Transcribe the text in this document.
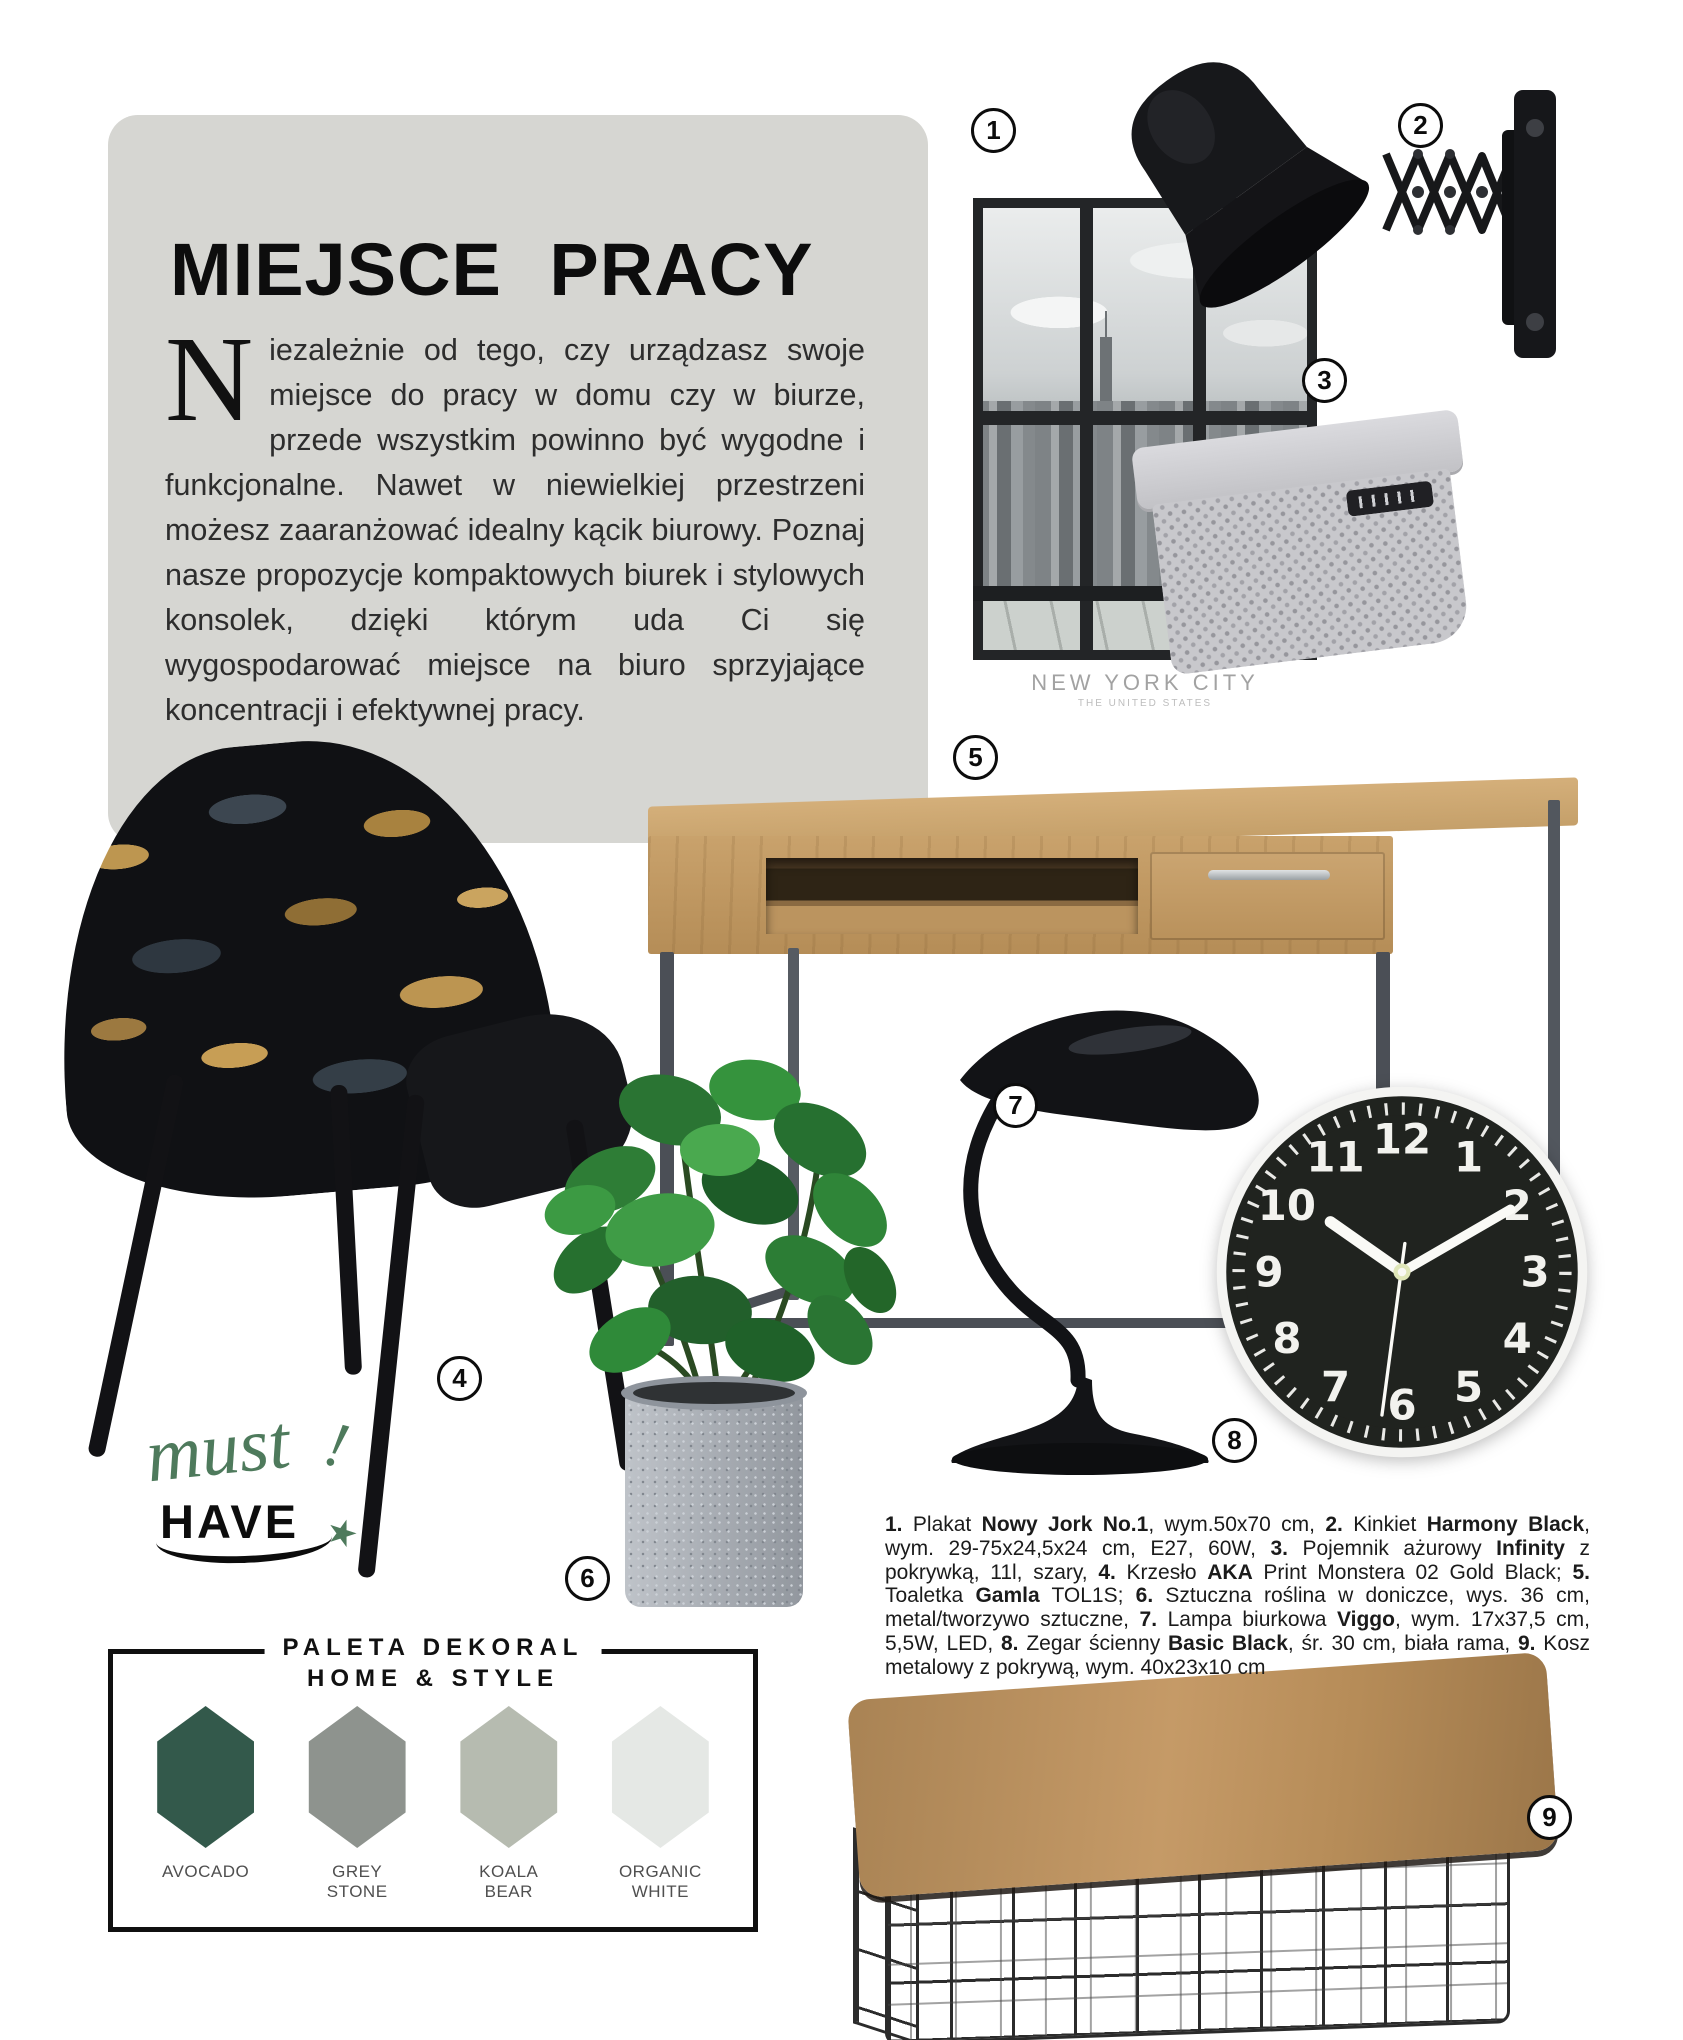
MIEJSCE PRACY

Niezależnie od tego, czy urządzasz swoje miejsce do pracy w domu czy w biurze, przede wszystkim powinno być wygodne i funkcjonalne. Nawet w niewielkiej przestrzeni możesz zaaranżować idealny kącik biurowy. Poznaj nasze propozycje kompaktowych biurek i stylowych konsolek, dzięki którym uda Ci się wygospodarować miejsce na biuro sprzyjające koncentracji i efektywnej pracy.

NEW YORK CITY
THE UNITED STATES
must !
HAVE ★
12 1
2
3
4
5
6
7
8
9
10
11

1. Plakat Nowy Jork No.1, wym.50x70 cm, 2. Kinkiet Harmony Black, wym. 29-75x24,5x24 cm, E27, 60W, 3. Pojemnik ażurowy Infinity z pokrywką, 11l, szary, 4. Krzesło AKA Print Monstera 02 Gold Black; 5. Toaletka Gamla TOL1S; 6. Sztuczna roślina w doniczce, wys. 36 cm, metal/tworzywo sztuczne, 7. Lampa biurkowa Viggo, wym. 17x37,5 cm, 5,5W, LED, 8. Zegar ścienny Basic Black, śr. 30 cm, biała rama, 9. Kosz metalowy z pokrywą, wym. 40x23x10 cm

PALETA DEKORAL
HOME & STYLE
AVOCADO	GREY STONE
KOALA BEAR
ORGANIC WHITE
1	2
3
4
5
6
7
8
9
